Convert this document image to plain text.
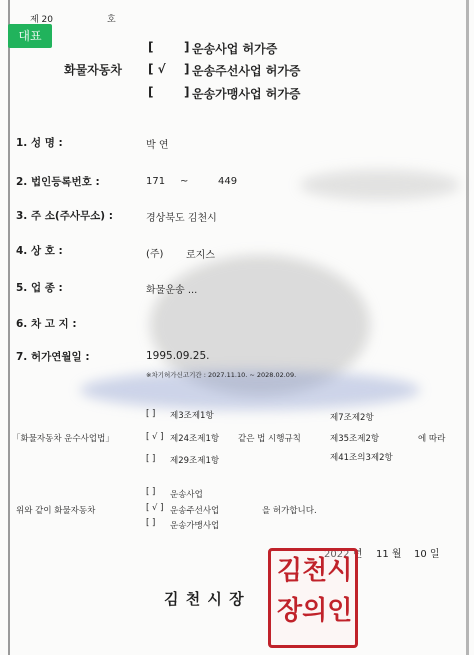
대표
제 20	호
화물자동차
[	] 운송사업 허가증
[ √ ] 운송주선사업 허가증
[	] 운송가맹사업 허가증
1. 성 명 :	박 연
2. 법인등록번호 :	171 ~	449
3. 주 소(주사무소) :	경상북도 김천시
4. 상 호 :	(주) 로지스
5. 업 종 :	화물운송 ...
6. 차 고 지 :
7. 허가연월일 :	1995.09.25.
※차기허가신고기간 : 2027.11.10. ~ 2028.02.09.
[ ] 제3조제1항	제7조제2항
「화물자동차 운수사업법」	[ √ ] 제24조제1항 같은 법 시행규칙	제35조제2항	에 따라
[ ] 제29조제1항	제41조의3제2항
[ ] 운송사업
위와 같이 화물자동차	[ √ ] 운송주선사업	을 허가합니다.
[ ] 운송가맹사업
2022 년 11 월 10 일
김 천 시 장
김천시
장의인
